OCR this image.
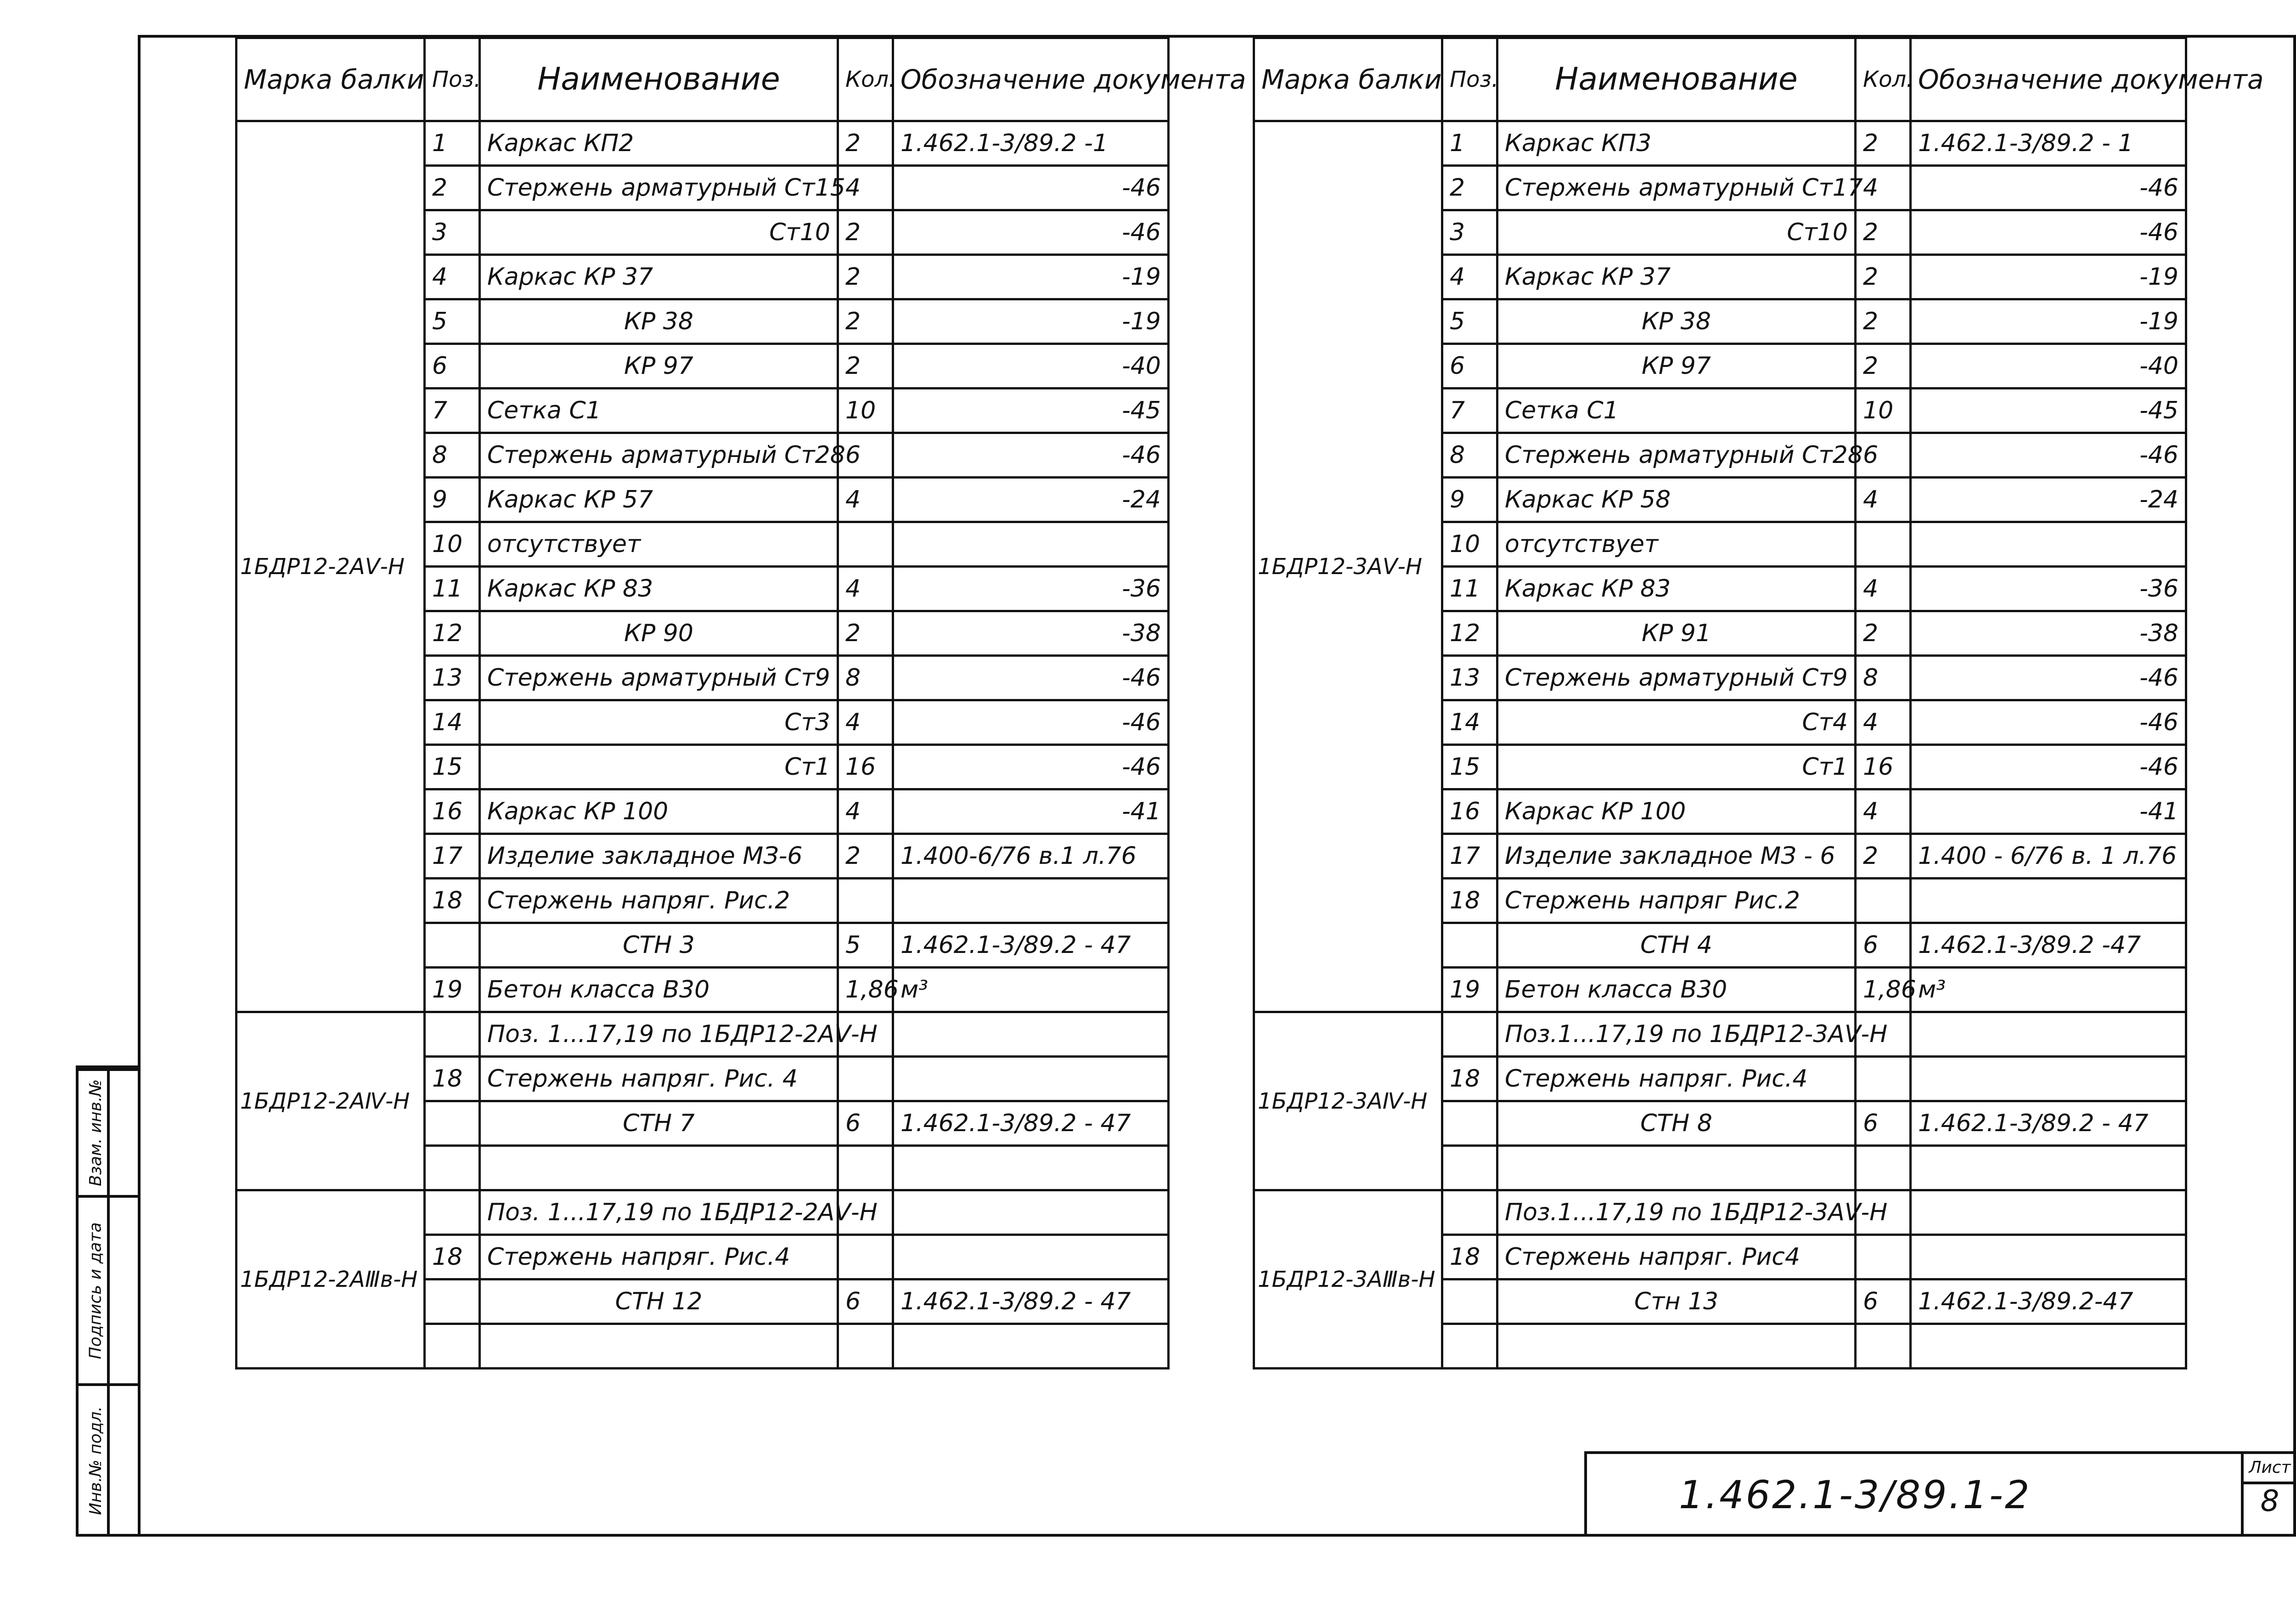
Взам. инв.№
Подпись и дата
Инв.№ подл.
Марка балки	Поз.	Наименование	Кол.	Обозначение документа
1БДР12-2АⅤ-Н	1	Каркас КП2	2	1.462.1-3/89.2 -1
	2	Стержень арматурный Ст15	4	-46
	3	Ст10	2	-46
	4	Каркас КР 37	2	-19
	5	КР 38	2	-19
	6	КР 97	2	-40
	7	Сетка С1	10	-45
	8	Стержень арматурный Ст28	6	-46
	9	Каркас КР 57	4	-24
	10	отсутствует		
	11	Каркас КР 83	4	-36
	12	КР 90	2	-38
	13	Стержень арматурный Ст9	8	-46
	14	Ст3	4	-46
	15	Ст1	16	-46
	16	Каркас КР 100	4	-41
	17	Изделие закладное МЗ-6	2	1.400-6/76 в.1 л.76
	18	Стержень напряг. Рис.2		
		СТН 3	5	1.462.1-3/89.2 - 47
	19	Бетон класса В30	1,86	м³
1БДР12-2АⅣ-Н		Поз. 1...17,19 по 1БДР12-2АⅤ-Н		
	18	Стержень напряг. Рис. 4		
		СТН 7	6	1.462.1-3/89.2 - 47

1БДР12-2АⅢв-Н		Поз. 1...17,19 по 1БДР12-2АⅤ-Н		
	18	Стержень напряг. Рис.4		
		СТН 12	6	1.462.1-3/89.2 - 47

Марка балки	Поз.	Наименование	Кол.	Обозначение документа
1БДР12-3АⅤ-Н	1	Каркас КП3	2	1.462.1-3/89.2 - 1
	2	Стержень арматурный Ст17	4	-46
	3	Ст10	2	-46
	4	Каркас КР 37	2	-19
	5	КР 38	2	-19
	6	КР 97	2	-40
	7	Сетка С1	10	-45
	8	Стержень арматурный Ст28	6	-46
	9	Каркас КР 58	4	-24
	10	отсутствует		
	11	Каркас КР 83	4	-36
	12	КР 91	2	-38
	13	Стержень арматурный Ст9	8	-46
	14	Ст4	4	-46
	15	Ст1	16	-46
	16	Каркас КР 100	4	-41
	17	Изделие закладное МЗ - 6	2	1.400 - 6/76 в. 1 л.76
	18	Стержень напряг Рис.2		
		СТН 4	6	1.462.1-3/89.2 -47
	19	Бетон класса В30	1,86	м³
1БДР12-3АⅣ-Н		Поз.1...17,19 по 1БДР12-3АⅤ-Н		
	18	Стержень напряг. Рис.4		
		СТН 8	6	1.462.1-3/89.2 - 47

1БДР12-3АⅢв-Н		Поз.1...17,19 по 1БДР12-3АⅤ-Н		
	18	Стержень напряг. Рис4		
		Стн 13	6	1.462.1-3/89.2-47

1.462.1-3/89.1-2
Лист
8
